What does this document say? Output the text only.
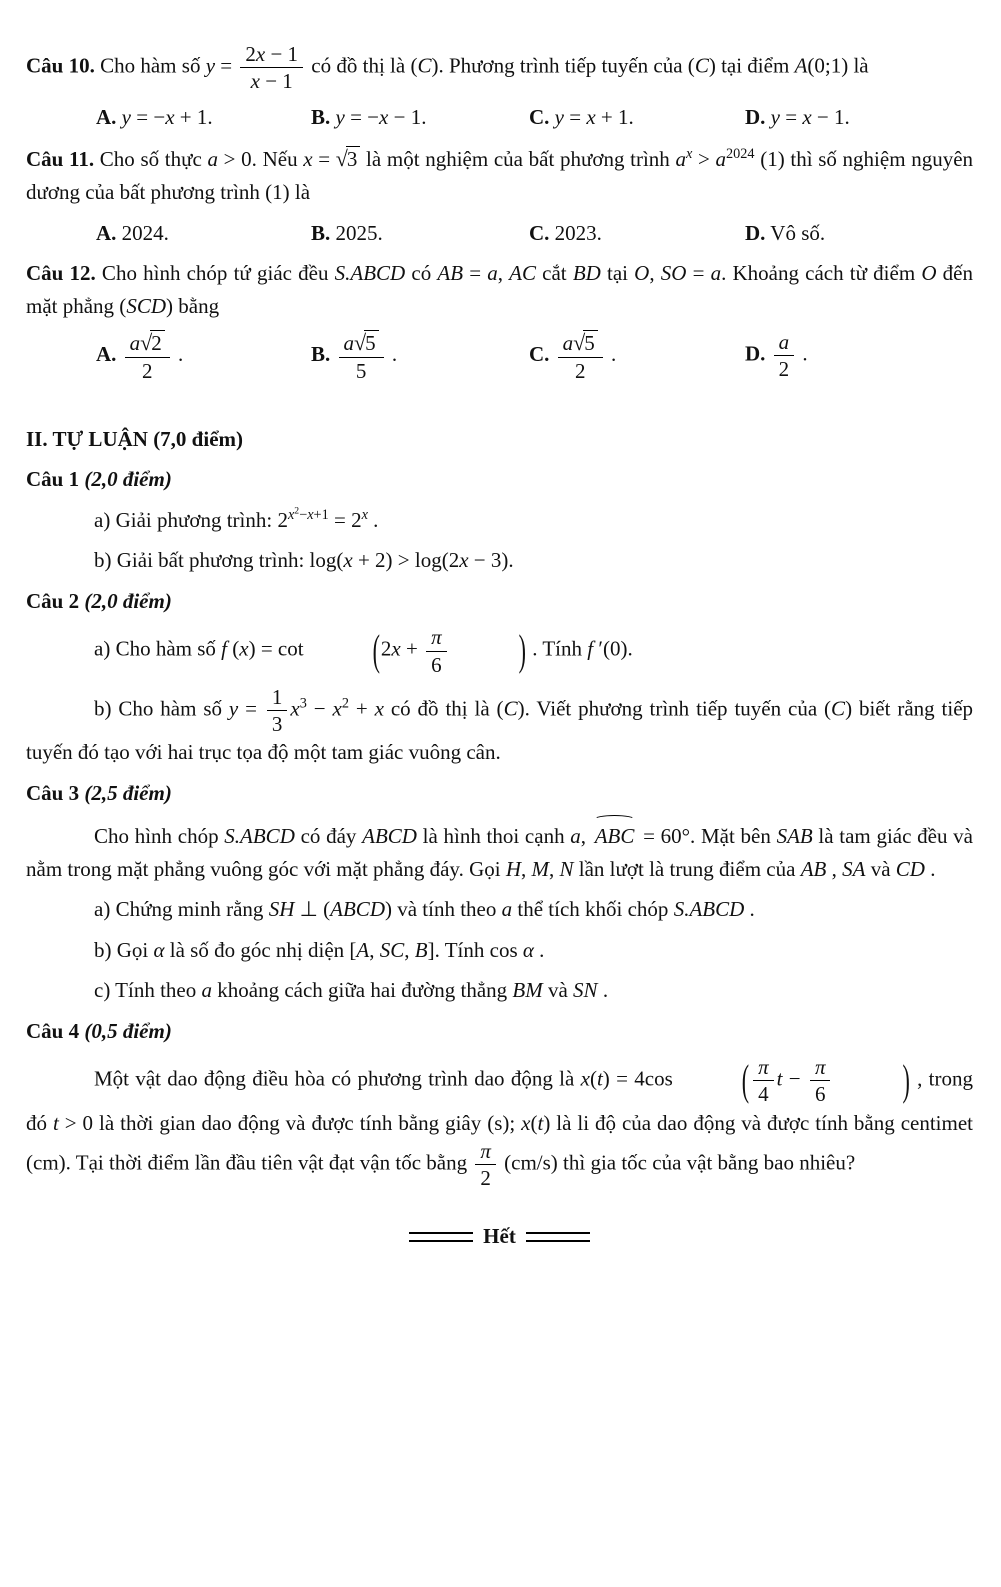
Câu 10. Cho hàm số $y = \frac{2x - 1}{x - 1}$ có đồ thị là (C). Phương trình tiếp tuyến của (C) tại điểm A(0;1) là
A. y = −x + 1.	B. y = −x − 1.	C. y = x + 1.	D. y = x − 1.
Câu 11. Cho số thực a > 0. Nếu x = √3 là một nghiệm của bất phương trình $a^x > a^{2024}$ (1) thì số nghiệm nguyên dương của bất phương trình (1) là
A. 2024.	B. 2025.	C. 2023.	D. Vô số.
Câu 12. Cho hình chóp tứ giác đều S.ABCD có AB = a, AC cắt BD tại O, SO = a. Khoảng cách từ điểm O đến mặt phẳng (SCD) bằng
A. $\frac{a√2}{2}$ .	B. $\frac{a√5}{5}$ .	C. $\frac{a√5}{2}$ .	D. $\frac{a}{2}$ .
II. TỰ LUẬN (7,0 điểm)
Câu 1 (2,0 điểm)
a) Giải phương trình: $2^{x^2-x+1} = 2^x$ .
b) Giải bất phương trình: log(x + 2) > log(2x − 3).
Câu 2 (2,0 điểm)
a) Cho hàm số f (x) = cot	($2x + \frac{\pi}{6}$	) . Tính f ′(0).
b) Cho hàm số $y = \frac{1}{3} x^3 - x^2 + x$ có đồ thị là (C). Viết phương trình tiếp tuyến của (C) biết rằng tiếp tuyến đó tạo với hai trục tọa độ một tam giác vuông cân.
Câu 3 (2,5 điểm)
Cho hình chóp S.ABCD có đáy ABCD là hình thoi cạnh a, ABC = 60°. Mặt bên SAB là tam giác đều và nằm trong mặt phẳng vuông góc với mặt phẳng đáy. Gọi H, M, N lần lượt là trung điểm của AB , SA và CD .
a) Chứng minh rằng SH ⊥ (ABCD) và tính theo a thể tích khối chóp S.ABCD .
b) Gọi α là số đo góc nhị diện [A, SC, B]. Tính cos α .
c) Tính theo a khoảng cách giữa hai đường thẳng BM và SN .
Câu 4 (0,5 điểm)
Một vật dao động điều hòa có phương trình dao động là x(t) = 4cos	( $\frac{\pi}{4}$ $t - \frac{\pi}{6}$	) , trong đó t > 0 là thời gian dao động và được tính bằng giây (s); x(t) là li độ của dao động và được tính bằng centimet (cm). Tại thời điểm lần đầu tiên vật đạt vận tốc bằng $\frac{\pi}{2} (cm/s)$ thì gia tốc của vật bằng bao nhiêu?
Hết
